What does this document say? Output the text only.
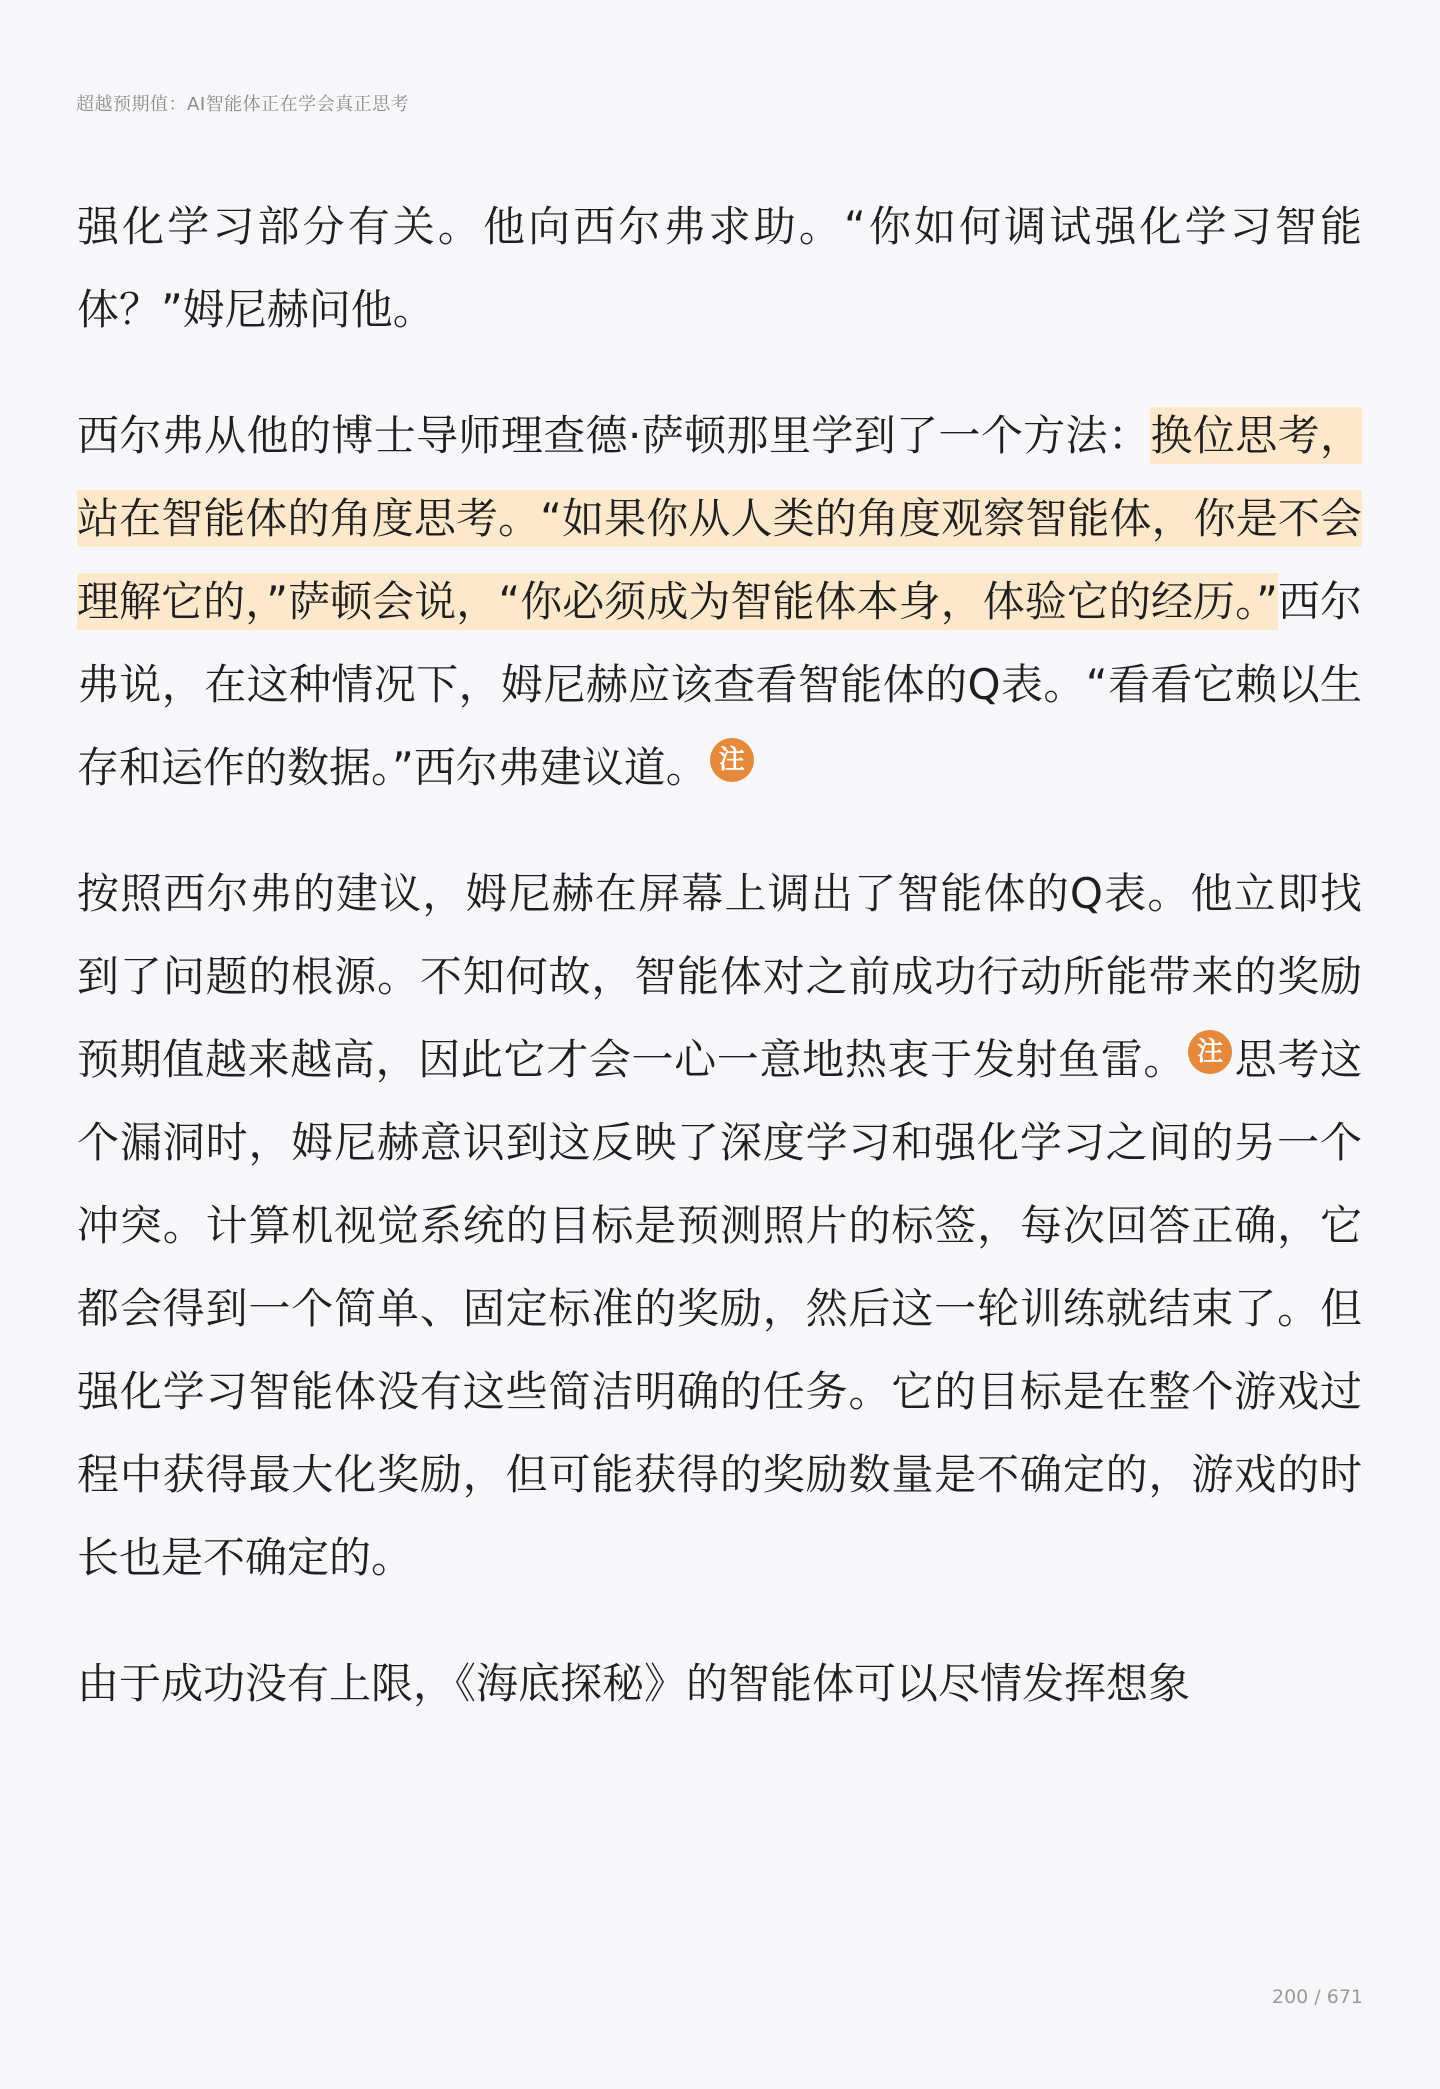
超越预期值：AI智能体正在学会真正思考

强化学习部分有关。他向西尔弗求助。“你如何调试强化学习智能体？”姆尼赫问他。

西尔弗从他的博士导师理查德·萨顿那里学到了一个方法：换位思考，站在智能体的角度思考。“如果你从人类的角度观察智能体，你是不会理解它的，”萨顿会说，“你必须成为智能体本身，体验它的经历。”西尔弗说，在这种情况下，姆尼赫应该查看智能体的Q表。“看看它赖以生存和运作的数据。”西尔弗建议道。 注

按照西尔弗的建议，姆尼赫在屏幕上调出了智能体的Q表。他立即找到了问题的根源。不知何故，智能体对之前成功行动所能带来的奖励预期值越来越高，因此它才会一心一意地热衷于发射鱼雷。 注 思考这个漏洞时，姆尼赫意识到这反映了深度学习和强化学习之间的另一个冲突。计算机视觉系统的目标是预测照片的标签，每次回答正确，它都会得到一个简单、固定标准的奖励，然后这一轮训练就结束了。但强化学习智能体没有这些简洁明确的任务。它的目标是在整个游戏过程中获得最大化奖励，但可能获得的奖励数量是不确定的，游戏的时长也是不确定的。

由于成功没有上限，《海底探秘》的智能体可以尽情发挥想象

200 / 671
